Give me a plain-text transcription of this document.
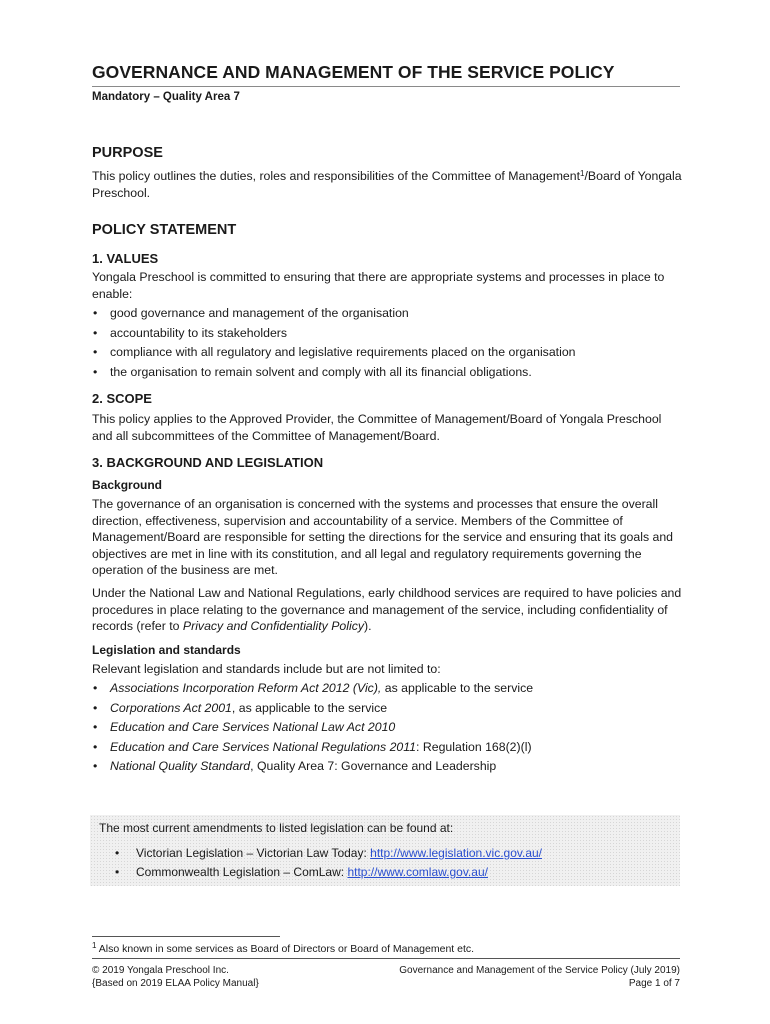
GOVERNANCE AND MANAGEMENT OF THE SERVICE POLICY
Mandatory – Quality Area 7
PURPOSE
This policy outlines the duties, roles and responsibilities of the Committee of Management$^1$/Board of Yongala Preschool.
POLICY STATEMENT
1. VALUES
Yongala Preschool is committed to ensuring that there are appropriate systems and processes in place to enable:
• good governance and management of the organisation
• accountability to its stakeholders
• compliance with all regulatory and legislative requirements placed on the organisation
• the organisation to remain solvent and comply with all its financial obligations.
2. SCOPE
This policy applies to the Approved Provider, the Committee of Management/Board of Yongala Preschool and all subcommittees of the Committee of Management/Board.
3. BACKGROUND AND LEGISLATION
Background
The governance of an organisation is concerned with the systems and processes that ensure the overall direction, effectiveness, supervision and accountability of a service. Members of the Committee of Management/Board are responsible for setting the directions for the service and ensuring that its goals and objectives are met in line with its constitution, and all legal and regulatory requirements governing the operation of the business are met.
Under the National Law and National Regulations, early childhood services are required to have policies and procedures in place relating to the governance and management of the service, including confidentiality of records (refer to Privacy and Confidentiality Policy).
Legislation and standards
Relevant legislation and standards include but are not limited to:
• Associations Incorporation Reform Act 2012 (Vic), as applicable to the service
• Corporations Act 2001, as applicable to the service
• Education and Care Services National Law Act 2010
• Education and Care Services National Regulations 2011: Regulation 168(2)(l)
• National Quality Standard, Quality Area 7: Governance and Leadership
The most current amendments to listed legislation can be found at:
• Victorian Legislation – Victorian Law Today: http://www.legislation.vic.gov.au/
• Commonwealth Legislation – ComLaw: http://www.comlaw.gov.au/
$^1$ Also known in some services as Board of Directors or Board of Management etc.
© 2019 Yongala Preschool Inc.
{Based on 2019 ELAA Policy Manual}
Governance and Management of the Service Policy (July 2019)
Page 1 of 7
